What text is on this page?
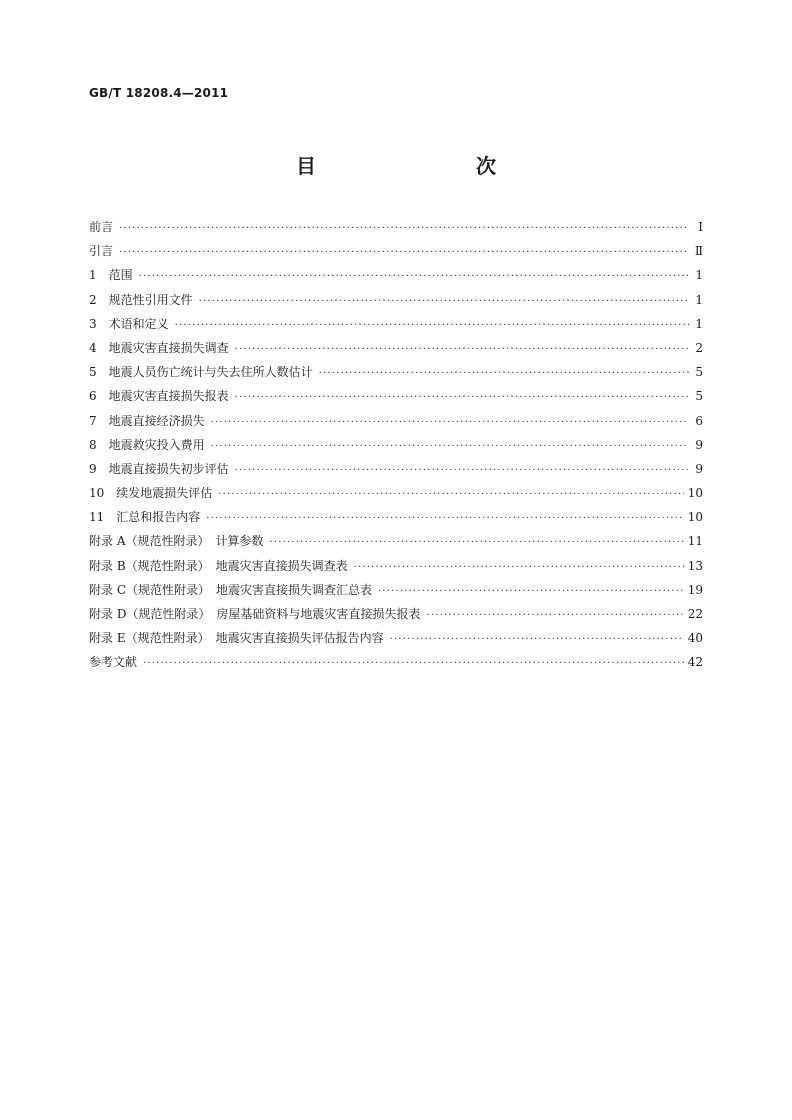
GB/T 18208.4—2011
目　　次
前言 ·····	Ⅰ
引言 ·····	Ⅱ
1　范围 ·····	1
2　规范性引用文件 ·····	1
3　术语和定义 ·····	1
4　地震灾害直接损失调查 ·····	2
5　地震人员伤亡统计与失去住所人数估计 ·····	5
6　地震灾害直接损失报表 ·····	5
7　地震直接经济损失 ·····	6
8　地震救灾投入费用 ·····	9
9　地震直接损失初步评估 ·····	9
10　续发地震损失评估 ·····	10
11　汇总和报告内容 ·····	10
附录 A（规范性附录）　计算参数 ·····	11
附录 B（规范性附录）　地震灾害直接损失调查表 ·····	13
附录 C（规范性附录）　地震灾害直接损失调查汇总表 ·····	19
附录 D（规范性附录）　房屋基础资料与地震灾害直接损失报表 ·····	22
附录 E（规范性附录）　地震灾害直接损失评估报告内容 ·····	40
参考文献 ·····	42
